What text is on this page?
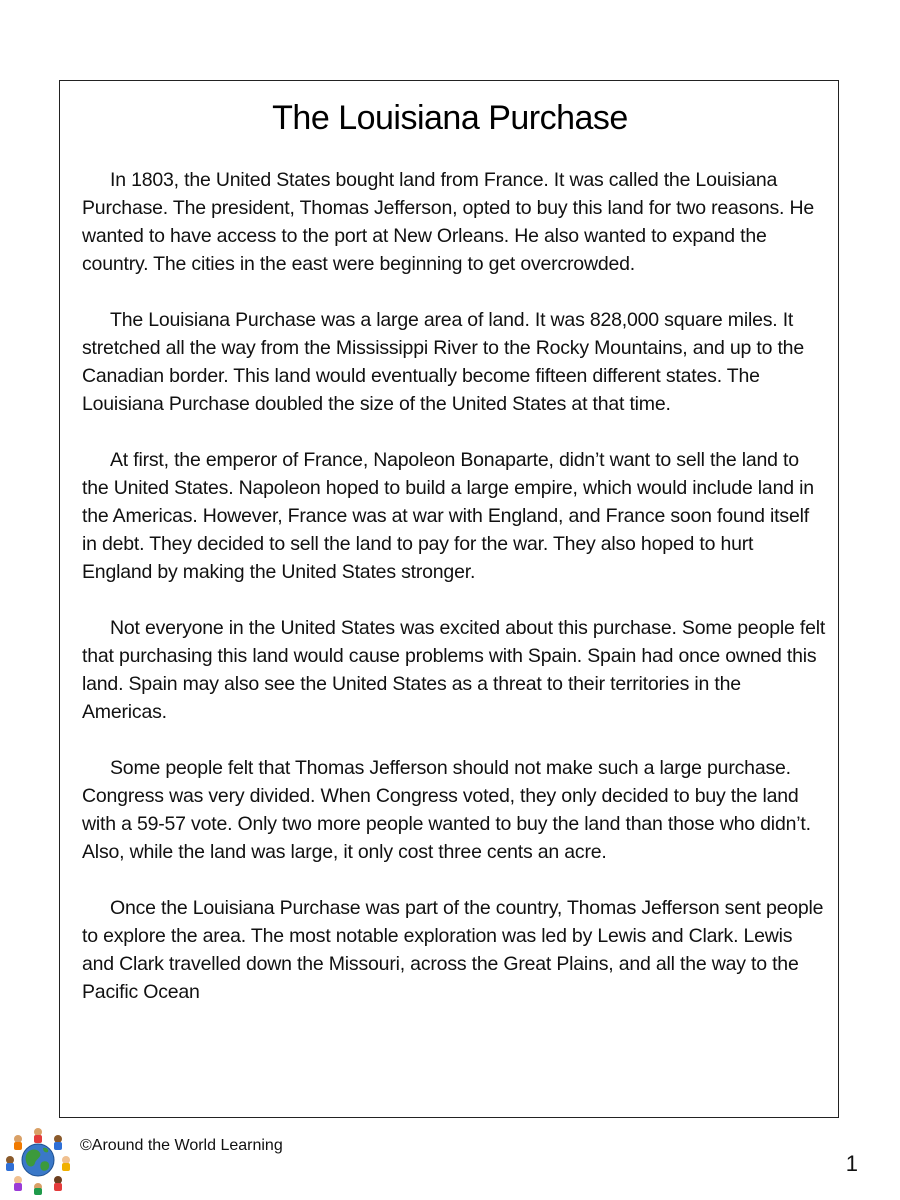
The Louisiana Purchase

In 1803, the United States bought land from France. It was called the Louisiana Purchase. The president, Thomas Jefferson, opted to buy this land for two reasons. He wanted to have access to the port at New Orleans. He also wanted to expand the country. The cities in the east were beginning to get overcrowded.

The Louisiana Purchase was a large area of land. It was 828,000 square miles. It stretched all the way from the Mississippi River to the Rocky Mountains, and up to the Canadian border. This land would eventually become fifteen different states. The Louisiana Purchase doubled the size of the United States at that time.

At first, the emperor of France, Napoleon Bonaparte, didn’t want to sell the land to the United States. Napoleon hoped to build a large empire, which would include land in the Americas. However, France was at war with England, and France soon found itself in debt. They decided to sell the land to pay for the war. They also hoped to hurt England by making the United States stronger.

Not everyone in the United States was excited about this purchase. Some people felt that purchasing this land would cause problems with Spain. Spain had once owned this land. Spain may also see the United States as a threat to their territories in the Americas.

Some people felt that Thomas Jefferson should not make such a large purchase. Congress was very divided. When Congress voted, they only decided to buy the land with a 59-57 vote. Only two more people wanted to buy the land than those who didn’t. Also, while the land was large, it only cost three cents an acre.

Once the Louisiana Purchase was part of the country, Thomas Jefferson sent people to explore the area. The most notable exploration was led by Lewis and Clark. Lewis and Clark travelled down the Missouri, across the Great Plains, and all the way to the Pacific Ocean

©Around the World Learning
1
